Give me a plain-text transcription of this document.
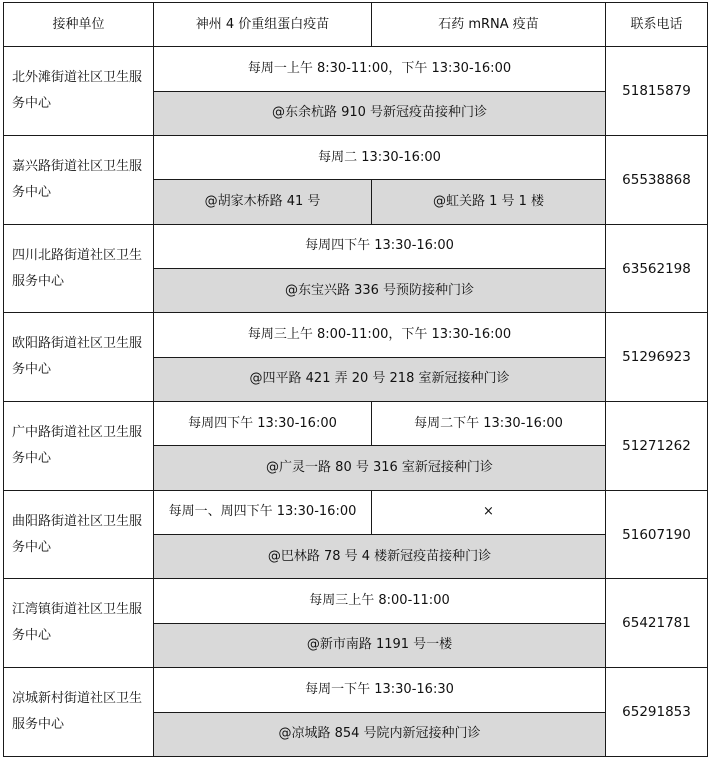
接种单位	神州 4 价重组蛋白疫苗	石药 mRNA 疫苗	联系电话
北外滩街道社区卫生服务中心	每周一上午 8:30-11:00，下午 13:30-16:00		51815879
	@东余杭路 910 号新冠疫苗接种门诊		
嘉兴路街道社区卫生服务中心	每周二 13:30-16:00		65538868
	@胡家木桥路 41 号	@虹关路 1 号 1 楼	
四川北路街道社区卫生服务中心	每周四下午 13:30-16:00		63562198
	@东宝兴路 336 号预防接种门诊		
欧阳路街道社区卫生服务中心	每周三上午 8:00-11:00，下午 13:30-16:00		51296923
	@四平路 421 弄 20 号 218 室新冠接种门诊		
广中路街道社区卫生服务中心	每周四下午 13:30-16:00	每周二下午 13:30-16:00	51271262
	@广灵一路 80 号 316 室新冠接种门诊		
曲阳路街道社区卫生服务中心	每周一、周四下午 13:30-16:00	×	51607190
	@巴林路 78 号 4 楼新冠疫苗接种门诊		
江湾镇街道社区卫生服务中心	每周三上午 8:00-11:00		65421781
	@新市南路 1191 号一楼		
凉城新村街道社区卫生服务中心	每周一下午 13:30-16:30		65291853
	@凉城路 854 号院内新冠接种门诊		
